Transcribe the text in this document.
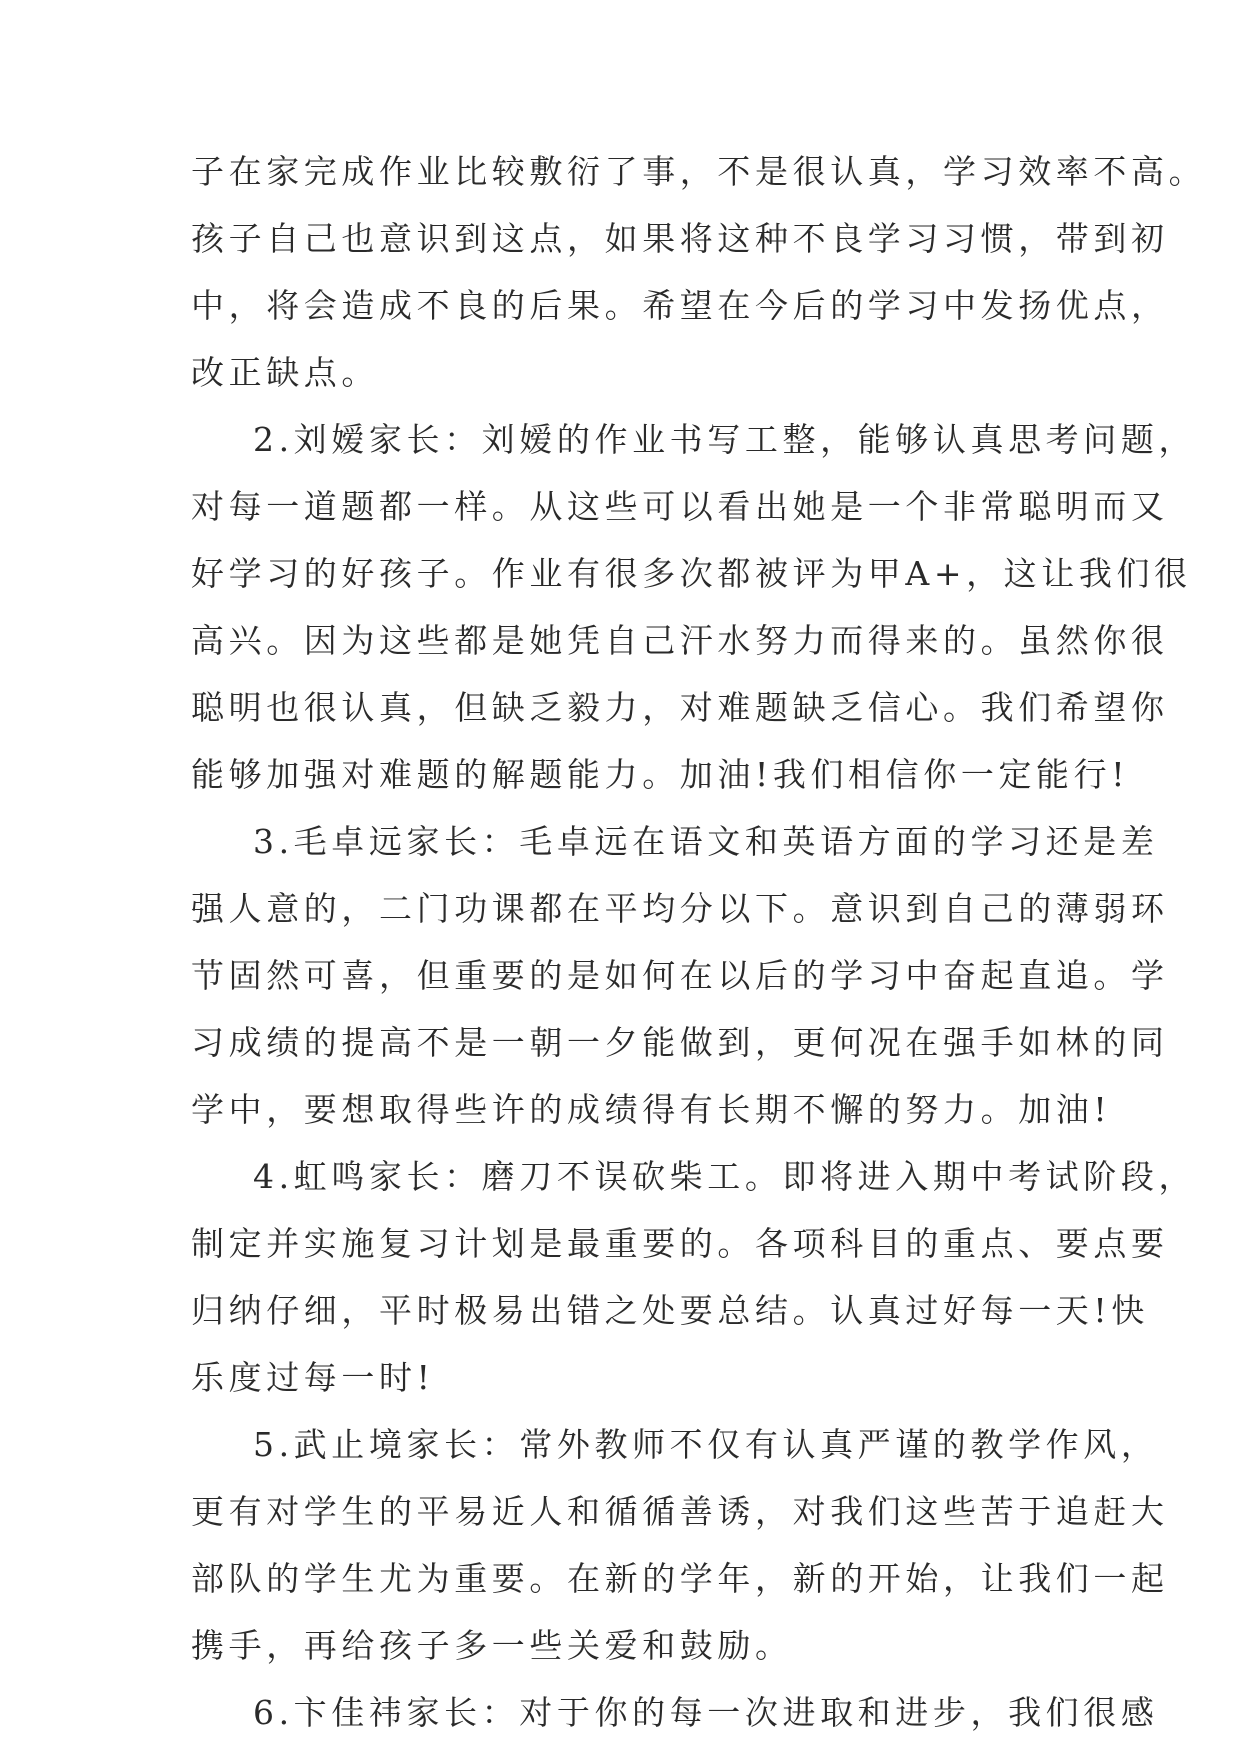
子在家完成作业比较敷衍了事，不是很认真，学习效率不高。
孩子自己也意识到这点，如果将这种不良学习习惯，带到初
中，将会造成不良的后果。希望在今后的学习中发扬优点，
改正缺点。
2.刘嫒家长：刘嫒的作业书写工整，能够认真思考问题，
对每一道题都一样。从这些可以看出她是一个非常聪明而又
好学习的好孩子。作业有很多次都被评为甲A+，这让我们很
高兴。因为这些都是她凭自己汗水努力而得来的。虽然你很
聪明也很认真，但缺乏毅力，对难题缺乏信心。我们希望你
能够加强对难题的解题能力。加油!我们相信你一定能行!
3.毛卓远家长：毛卓远在语文和英语方面的学习还是差
强人意的，二门功课都在平均分以下。意识到自己的薄弱环
节固然可喜，但重要的是如何在以后的学习中奋起直追。学
习成绩的提高不是一朝一夕能做到，更何况在强手如林的同
学中，要想取得些许的成绩得有长期不懈的努力。加油!
4.虹鸣家长：磨刀不误砍柴工。即将进入期中考试阶段，
制定并实施复习计划是最重要的。各项科目的重点、要点要
归纳仔细，平时极易出错之处要总结。认真过好每一天!快
乐度过每一时!
5.武止境家长：常外教师不仅有认真严谨的教学作风，
更有对学生的平易近人和循循善诱，对我们这些苦于追赶大
部队的学生尤为重要。在新的学年，新的开始，让我们一起
携手，再给孩子多一些关爱和鼓励。
6.卞佳祎家长：对于你的每一次进取和进步，我们很感
